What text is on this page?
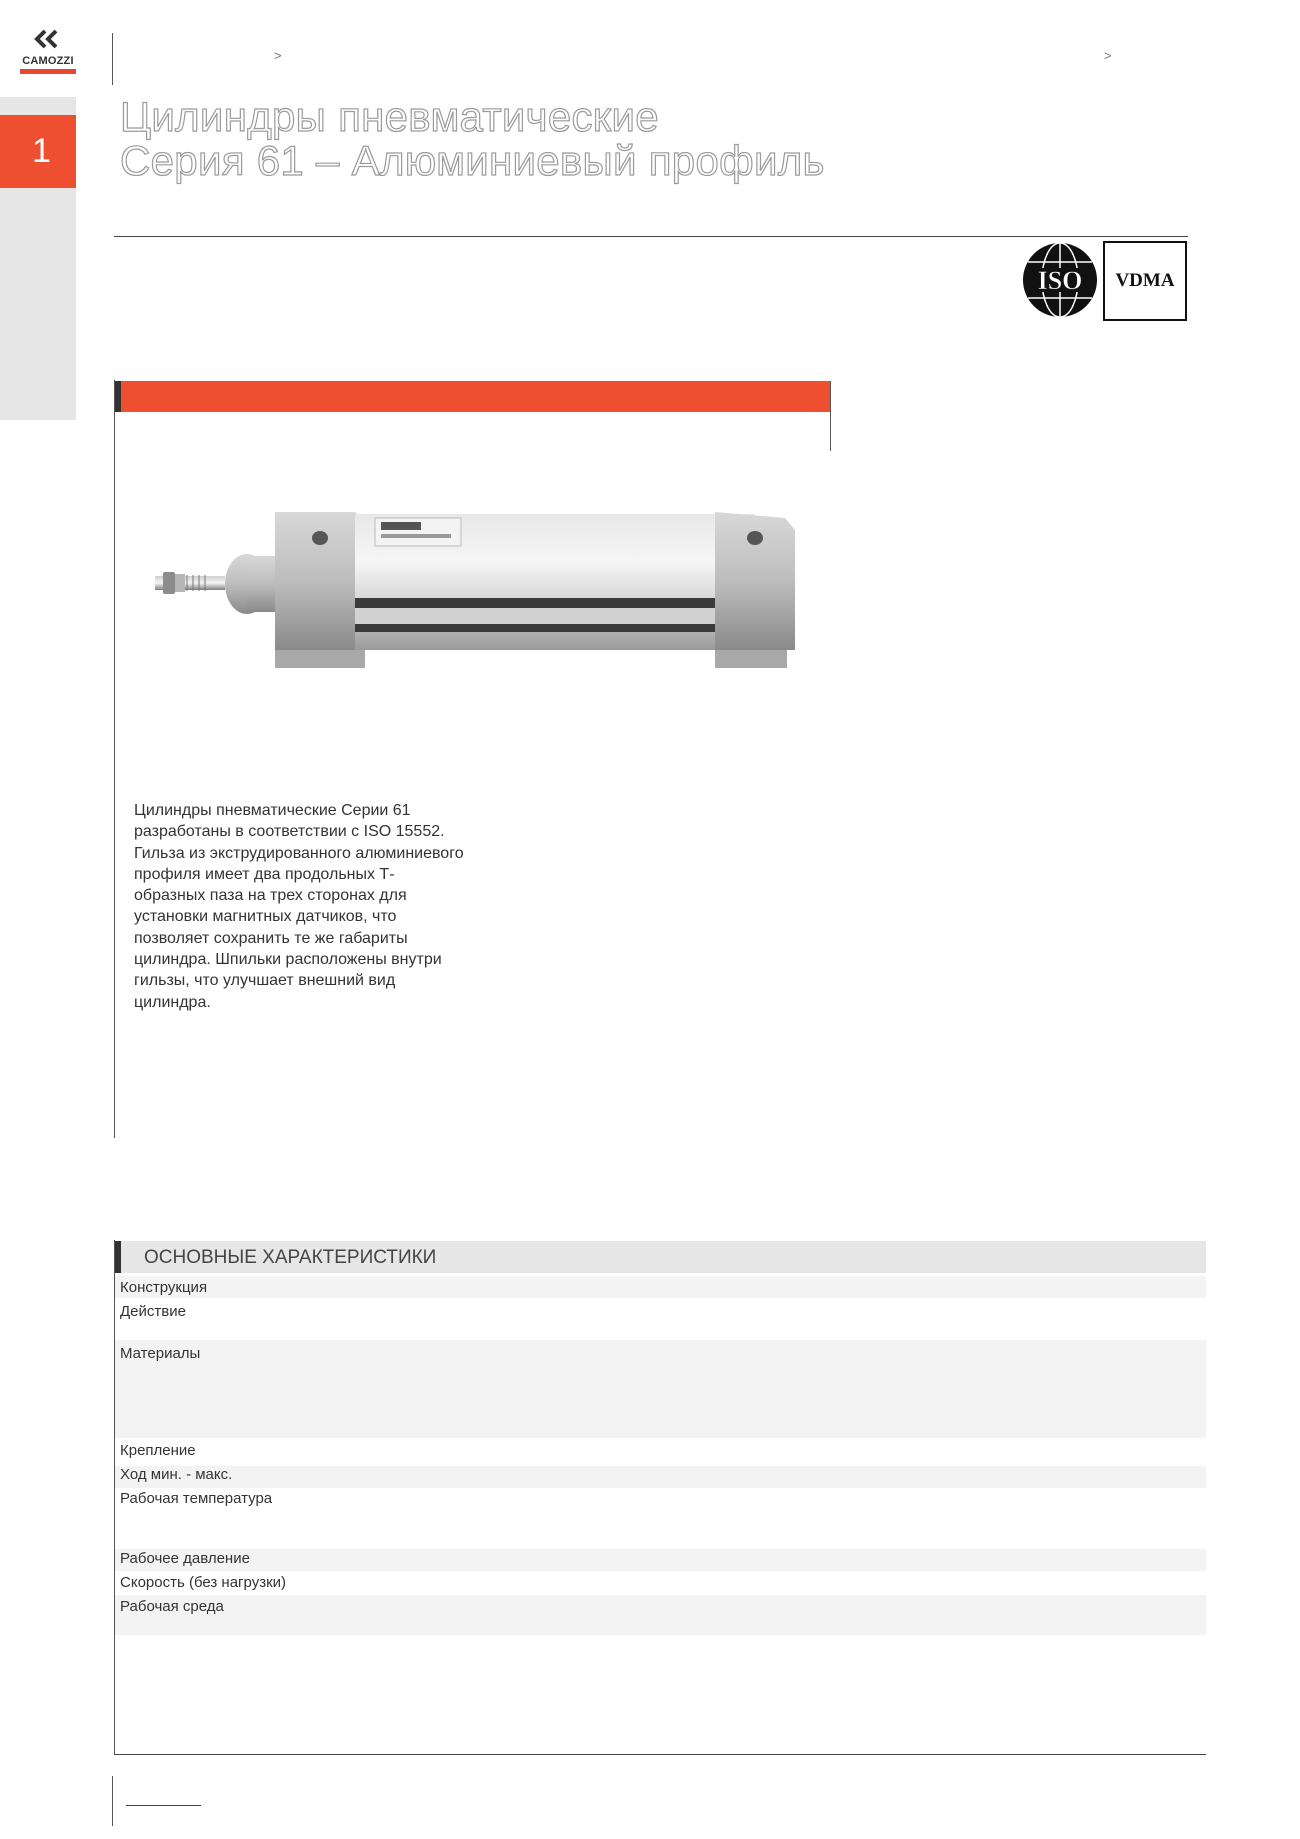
CAMOZZI
1
>	>
Цилиндры пневматические
Серия 61 – Алюминиевый профиль
ISO VDMA

Цилиндры пневматические Серии 61 разработаны в соответствии с ISO 15552. Гильза из экструдированного алюминиевого профиля имеет два продольных Т-образных паза на трех сторонах для установки магнитных датчиков, что позволяет сохранить те же габариты цилиндра. Шпильки расположены внутри гильзы, что улучшает внешний вид цилиндра.

ОСНОВНЫЕ ХАРАКТЕРИСТИКИ
Конструкция
Действие
Материалы
Крепление
Ход мин. - макс.
Рабочая температура
Рабочее давление
Скорость (без нагрузки)
Рабочая среда
